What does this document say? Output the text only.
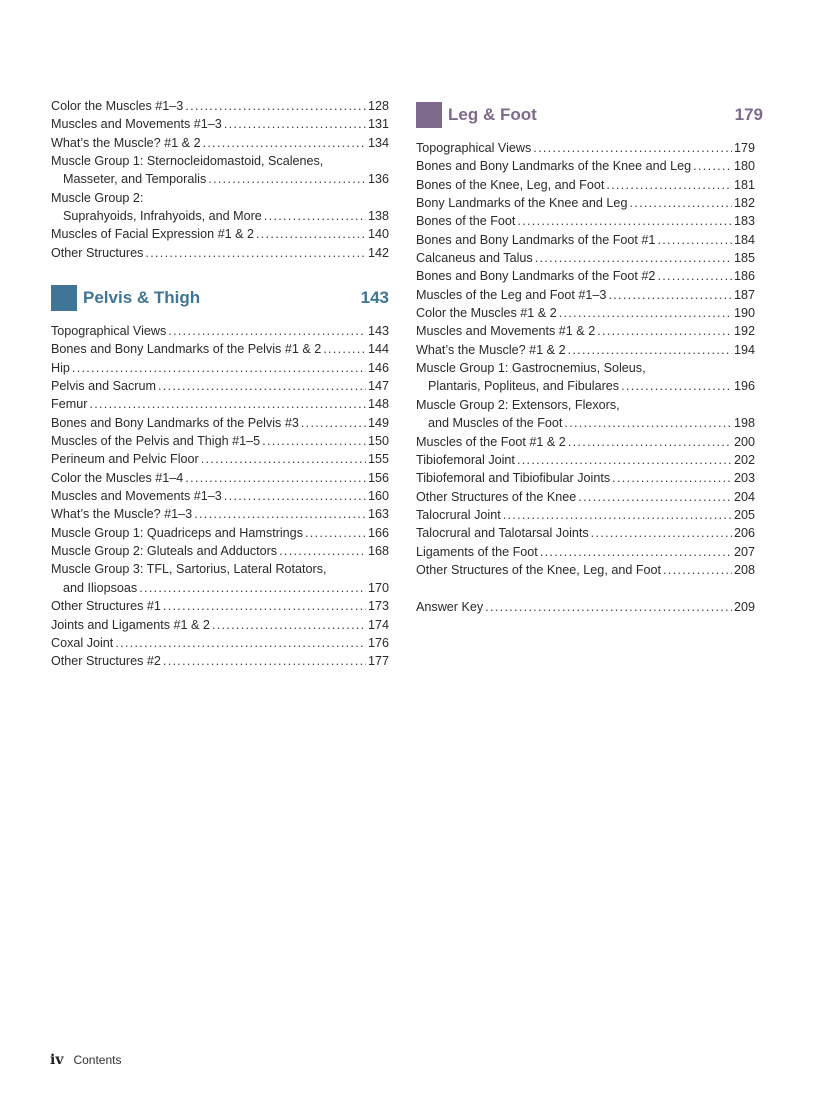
Color the Muscles #1–3 . . .	128
Muscles and Movements #1–3 . . .	131
What’s the Muscle? #1 & 2 . . .	134
Muscle Group 1: Sternocleidomastoid, Scalenes,
Masseter, and Temporalis . . .	136
Muscle Group 2:
Suprahyoids, Infrahyoids, and More . . .	138
Muscles of Facial Expression #1 & 2 . . .	140
Other Structures . . .	142
Pelvis & Thigh	143
Topographical Views . . .	143
Bones and Bony Landmarks of the Pelvis #1 & 2 . . .	144
Hip . . .	146
Pelvis and Sacrum . . .	147
Femur . . .	148
Bones and Bony Landmarks of the Pelvis #3 . . .	149
Muscles of the Pelvis and Thigh #1–5 . . .	150
Perineum and Pelvic Floor . . .	155
Color the Muscles #1–4 . . .	156
Muscles and Movements #1–3 . . .	160
What’s the Muscle? #1–3 . . .	163
Muscle Group 1: Quadriceps and Hamstrings . . .	166
Muscle Group 2: Gluteals and Adductors . . .	168
Muscle Group 3: TFL, Sartorius, Lateral Rotators,
and Iliopsoas . . .	170
Other Structures #1 . . .	173
Joints and Ligaments #1 & 2 . . .	174
Coxal Joint . . .	176
Other Structures #2 . . .	177
Leg & Foot	179
Topographical Views . . .	179
Bones and Bony Landmarks of the Knee and Leg . . .	180
Bones of the Knee, Leg, and Foot . . .	181
Bony Landmarks of the Knee and Leg . . .	182
Bones of the Foot . . .	183
Bones and Bony Landmarks of the Foot #1 . . .	184
Calcaneus and Talus . . .	185
Bones and Bony Landmarks of the Foot #2 . . .	186
Muscles of the Leg and Foot #1–3 . . .	187
Color the Muscles #1 & 2 . . .	190
Muscles and Movements #1 & 2 . . .	192
What’s the Muscle? #1 & 2 . . .	194
Muscle Group 1: Gastrocnemius, Soleus,
Plantaris, Popliteus, and Fibulares . . .	196
Muscle Group 2: Extensors, Flexors,
and Muscles of the Foot . . .	198
Muscles of the Foot #1 & 2 . . .	200
Tibiofemoral Joint . . .	202
Tibiofemoral and Tibiofibular Joints . . .	203
Other Structures of the Knee . . .	204
Talocrural Joint . . .	205
Talocrural and Talotarsal Joints . . .	206
Ligaments of the Foot . . .	207
Other Structures of the Knee, Leg, and Foot . . .	208
Answer Key . . .	209
iv Contents
